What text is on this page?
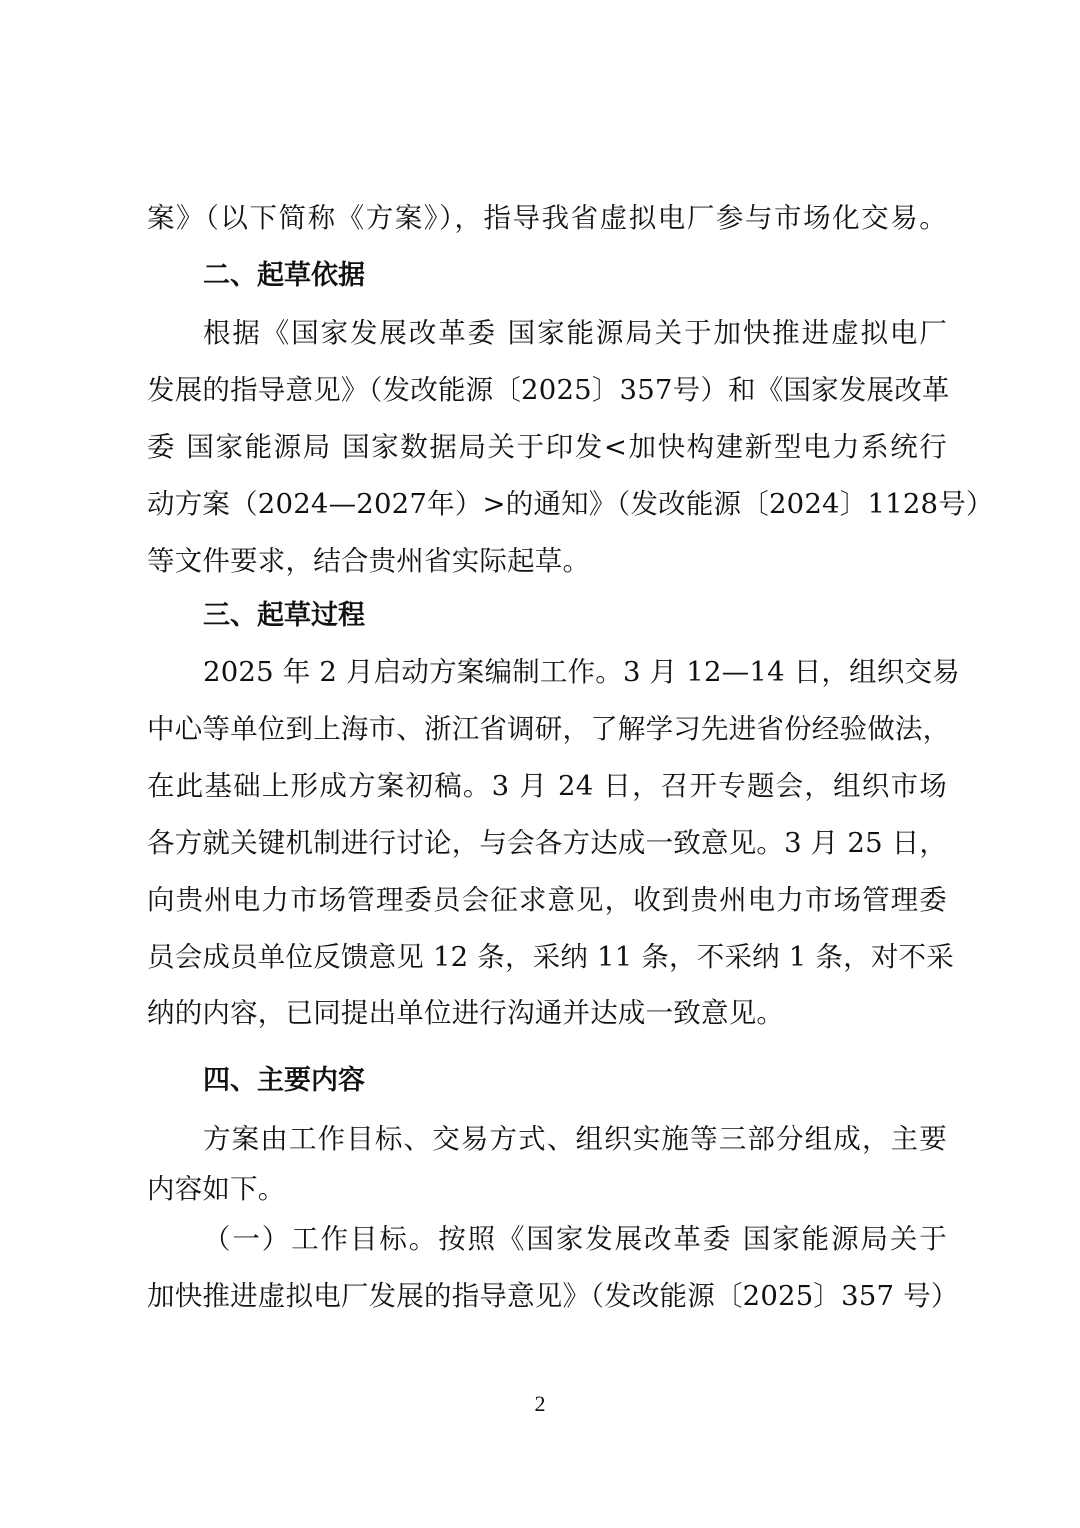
案》（以下简称《方案》），指导我省虚拟电厂参与市场化交易。
二、起草依据
根据《国家发展改革委 国家能源局关于加快推进虚拟电厂
发展的指导意见》（发改能源〔2025〕357号）和《国家发展改革
委 国家能源局 国家数据局关于印发<加快构建新型电力系统行
动方案（2024—2027年）>的通知》（发改能源〔2024〕1128号）
等文件要求，结合贵州省实际起草。
三、起草过程
2025 年 2 月启动方案编制工作。3 月 12—14 日，组织交易
中心等单位到上海市、浙江省调研，了解学习先进省份经验做法，
在此基础上形成方案初稿。3 月 24 日，召开专题会，组织市场
各方就关键机制进行讨论，与会各方达成一致意见。3 月 25 日，
向贵州电力市场管理委员会征求意见，收到贵州电力市场管理委
员会成员单位反馈意见 12 条，采纳 11 条，不采纳 1 条，对不采
纳的内容，已同提出单位进行沟通并达成一致意见。
四、主要内容
方案由工作目标、交易方式、组织实施等三部分组成，主要
内容如下。
（一）工作目标。按照《国家发展改革委 国家能源局关于
加快推进虚拟电厂发展的指导意见》（发改能源〔2025〕357 号）
2
